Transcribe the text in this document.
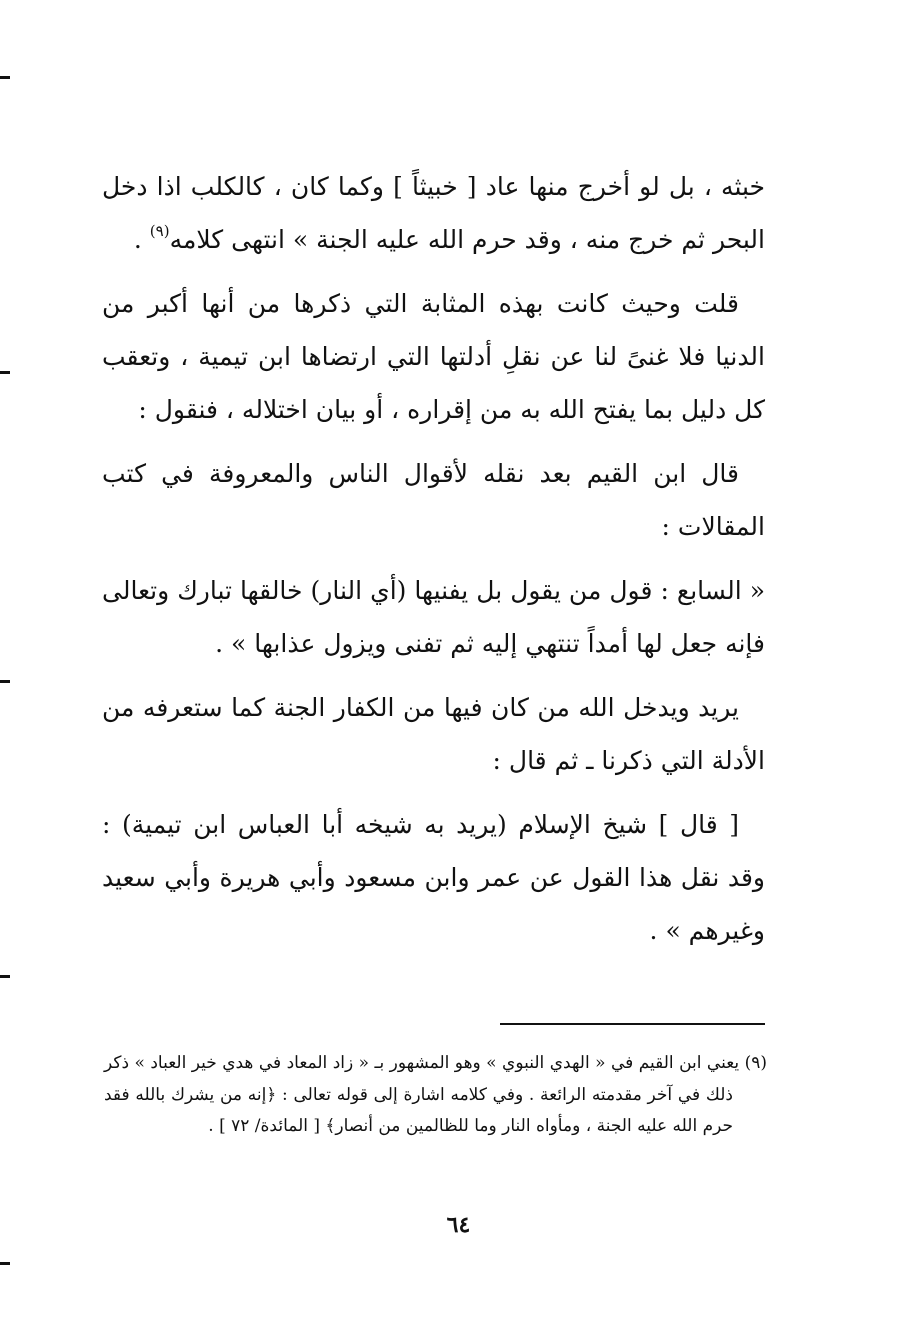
خبثه ، بل لو أخرج منها عاد [ خبيثاً ] وكما كان ، كالكلب اذا دخل البحر ثم خرج منه ، وقد حرم الله عليه الجنة » انتهى كلامه$^{(٩)}$ .

قلت وحيث كانت بهذه المثابة التي ذكرها من أنها أكبر من الدنيا فلا غنىً لنا عن نقلِ أدلتها التي ارتضاها ابن تيمية ، وتعقب كل دليل بما يفتح الله به من إقراره ، أو بيان اختلاله ، فنقول :

قال ابن القيم بعد نقله لأقوال الناس والمعروفة في كتب المقالات :

« السابع : قول من يقول بل يفنيها (أي النار) خالقها تبارك وتعالى فإنه جعل لها أمداً تنتهي إليه ثم تفنى ويزول عذابها » .

يريد ويدخل الله من كان فيها من الكفار الجنة كما ستعرفه من الأدلة التي ذكرنا ـ ثم قال :

[ قال ] شيخ الإسلام (يريد به شيخه أبا العباس ابن تيمية) : وقد نقل هذا القول عن عمر وابن مسعود وأبي هريرة وأبي سعيد وغيرهم » .

(٩) يعني ابن القيم في « الهدي النبوي » وهو المشهور بـ « زاد المعاد في هدي خير العباد » ذكر ذلك في آخر مقدمته الرائعة . وفي كلامه اشارة إلى قوله تعالى : ﴿إنه من يشرك بالله فقد حرم الله عليه الجنة ، ومأواه النار وما للظالمين من أنصار﴾ [ المائدة/ ٧٢ ] .

٦٤
